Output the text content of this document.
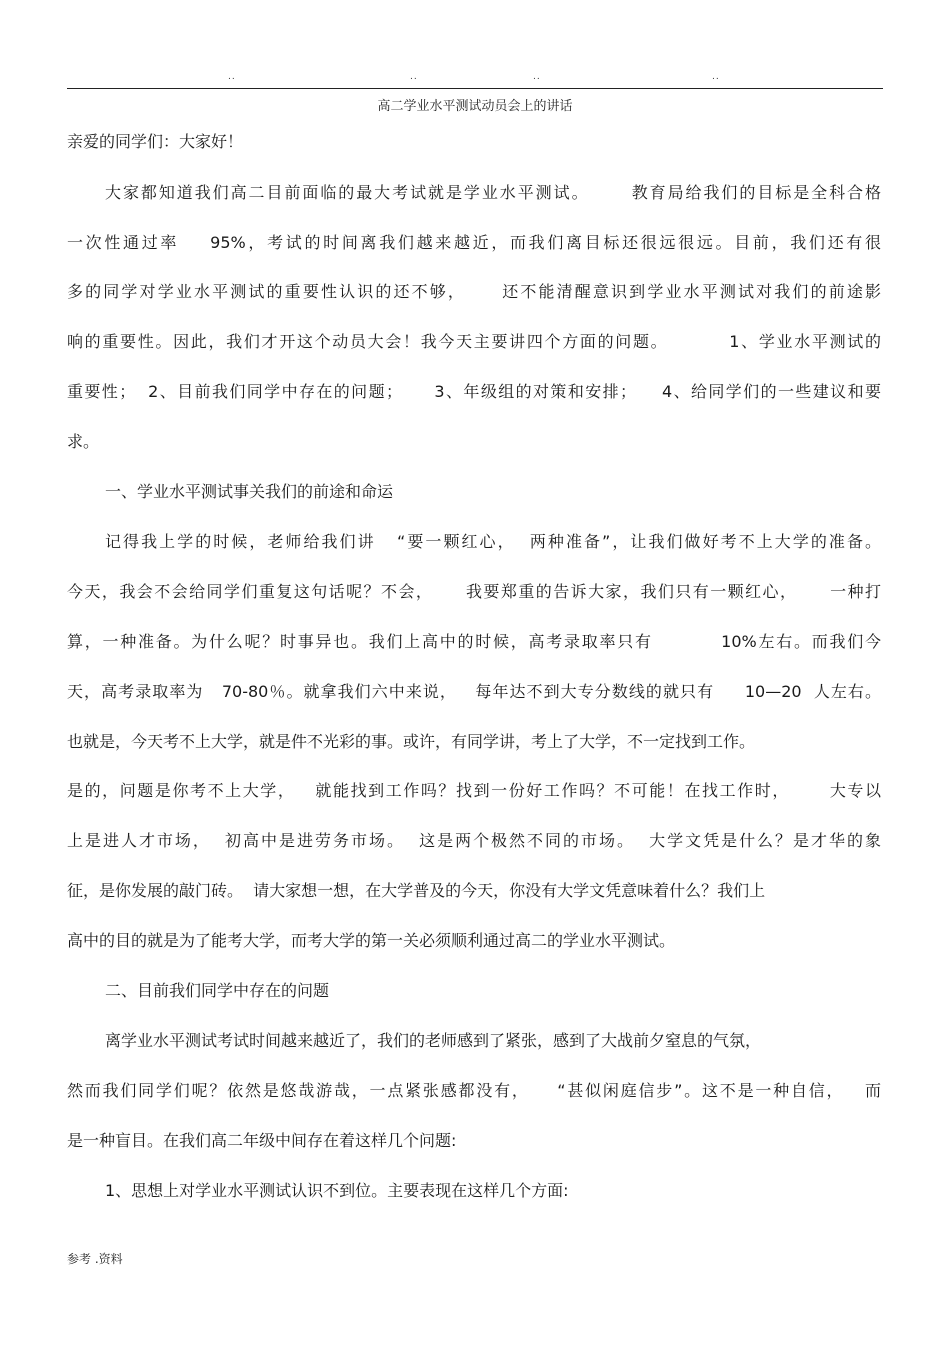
..	..	..	..
高二学业水平测试动员会上的讲话
亲爱的同学们：大家好！
大家都知道我们高二目前面临的最大考试就是学业水平测试。      教育局给我们的目标是全科合格
一次性通过率    95%，考试的时间离我们越来越近，而我们离目标还很远很远。目前，我们还有很
多的同学对学业水平测试的重要性认识的还不够，     还不能清醒意识到学业水平测试对我们的前途影
响的重要性。因此，我们才开这个动员大会！我今天主要讲四个方面的问题。         1、学业水平测试的
重要性；  2、目前我们同学中存在的问题；     3、年级组的对策和安排；    4、给同学们的一些建议和要
求。
一、学业水平测试事关我们的前途和命运
记得我上学的时候，老师给我们讲   “要一颗红心，  两种准备”，让我们做好考不上大学的准备。
今天，我会不会给同学们重复这句话呢？不会，     我要郑重的告诉大家，我们只有一颗红心，     一种打
算，一种准备。为什么呢？时事异也。我们上高中的时候，高考录取率只有          10%左右。而我们今
天，高考录取率为   70-80％。就拿我们六中来说，   每年达不到大专分数线的就只有     10—20  人左右。
也就是，今天考不上大学，就是件不光彩的事。或许，有同学讲，考上了大学，不一定找到工作。
是的，问题是你考不上大学，   就能找到工作吗？找到一份好工作吗？不可能！在找工作时，      大专以
上是进人才市场，  初高中是进劳务市场。  这是两个极然不同的市场。  大学文凭是什么？是才华的象
征，是你发展的敲门砖。  请大家想一想，在大学普及的今天，你没有大学文凭意味着什么？我们上
高中的目的就是为了能考大学，而考大学的第一关必须顺利通过高二的学业水平测试。
二、目前我们同学中存在的问题
离学业水平测试考试时间越来越近了，我们的老师感到了紧张，感到了大战前夕窒息的气氛，
然而我们同学们呢？依然是悠哉游哉，一点紧张感都没有，    “甚似闲庭信步”。这不是一种自信，   而
是一种盲目。在我们高二年级中间存在着这样几个问题:
1、思想上对学业水平测试认识不到位。主要表现在这样几个方面:
参考 .资料
